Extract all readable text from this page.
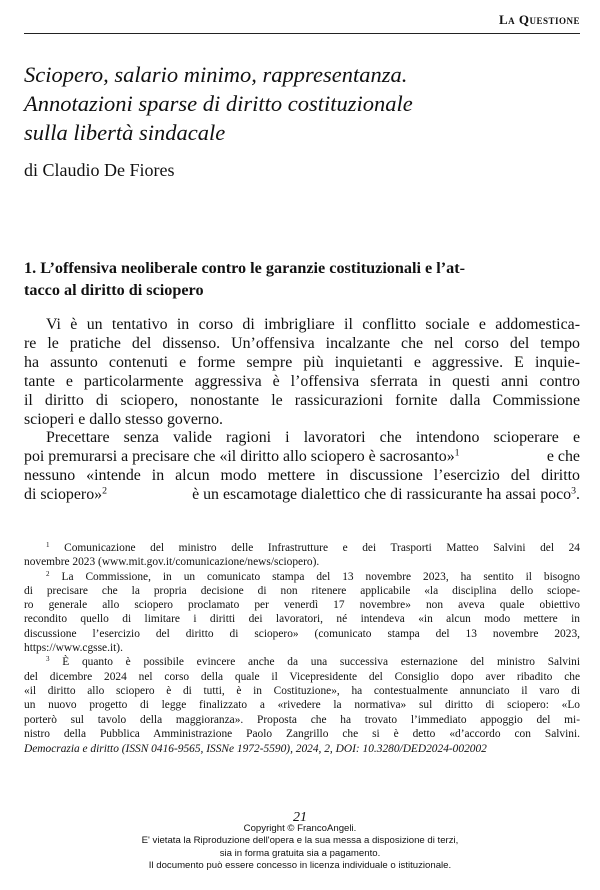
La Questione
Sciopero, salario minimo, rappresentanza.
Annotazioni sparse di diritto costituzionale
sulla libertà sindacale
di Claudio De Fiores
1. L’offensiva neoliberale contro le garanzie costituzionali e l’at-
tacco al diritto di sciopero
Vi è un tentativo in corso di imbrigliare il conflitto sociale e addomestica-
re le pratiche del dissenso. Un’offensiva incalzante che nel corso del tempo
ha assunto contenuti e forme sempre più inquietanti e aggressive. E inquie-
tante e particolarmente aggressiva è l’offensiva sferrata in questi anni contro
il diritto di sciopero, nonostante le rassicurazioni fornite dalla Commissione
scioperi e dallo stesso governo.
Precettare senza valide ragioni i lavoratori che intendono scioperare e
poi premurarsi a precisare che «il diritto allo sciopero è sacrosanto»$^1$	e che
nessuno «intende in alcun modo mettere in discussione l’esercizio del diritto
di sciopero»$^2$	è un escamotage dialettico che di rassicurante ha assai poco$^3$.
$^1$ Comunicazione del ministro delle Infrastrutture e dei Trasporti Matteo Salvini del 24
novembre 2023 (www.mit.gov.it/comunicazione/news/sciopero).
$^2$ La Commissione, in un comunicato stampa del 13 novembre 2023, ha sentito il bisogno
di precisare che la propria decisione di non ritenere applicabile «la disciplina dello sciope-
ro generale allo sciopero proclamato per venerdì 17 novembre» non aveva quale obiettivo
recondito quello di limitare i diritti dei lavoratori, né intendeva «in alcun modo mettere in
discussione l’esercizio del diritto di sciopero» (comunicato stampa del 13 novembre 2023,
https://www.cgsse.it).
$^3$ È quanto è possibile evincere anche da una successiva esternazione del ministro Salvini
del dicembre 2024 nel corso della quale il Vicepresidente del Consiglio dopo aver ribadito che
«il diritto allo sciopero è di tutti, è in Costituzione», ha contestualmente annunciato il varo di
un nuovo progetto di legge finalizzato a «rivedere la normativa» sul diritto di sciopero: «Lo
porterò sul tavolo della maggioranza». Proposta che ha trovato l’immediato appoggio del mi-
nistro della Pubblica Amministrazione Paolo Zangrillo che si è detto «d’accordo con Salvini.
Democrazia e diritto (ISSN 0416-9565, ISSNe 1972-5590), 2024, 2, DOI: 10.3280/DED2024-002002
21
Copyright © FrancoAngeli.
E' vietata la Riproduzione dell'opera e la sua messa a disposizione di terzi,
sia in forma gratuita sia a pagamento.
Il documento può essere concesso in licenza individuale o istituzionale.
